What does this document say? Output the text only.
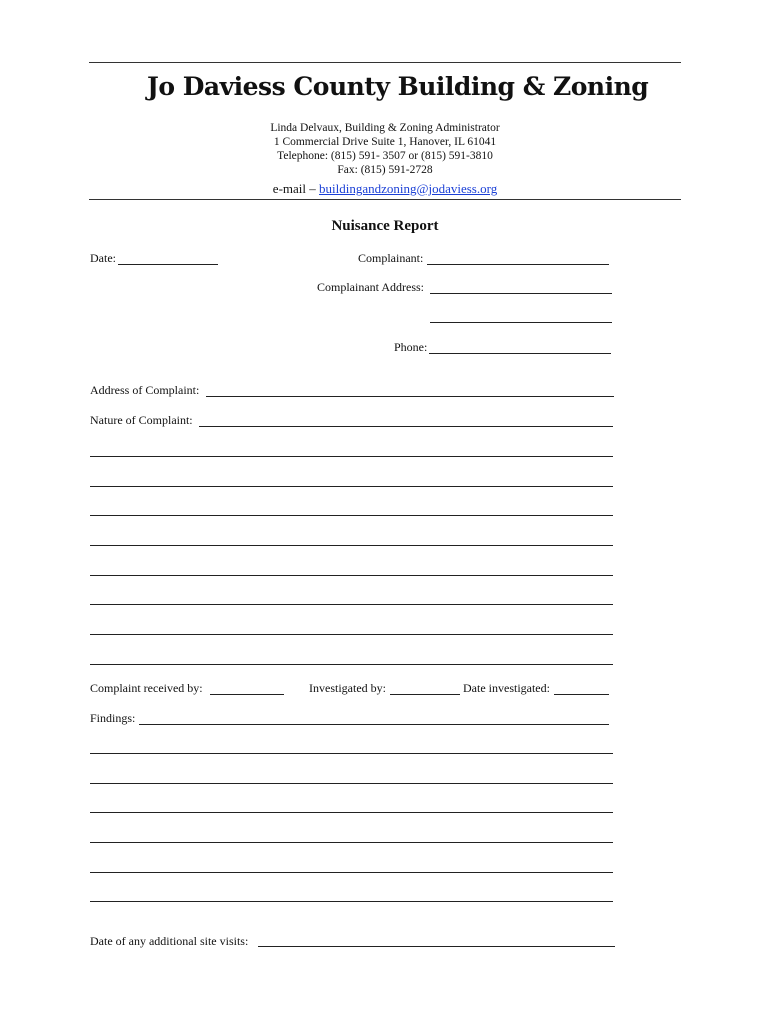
Jo Daviess County Building & Zoning
Linda Delvaux, Building & Zoning Administrator
1 Commercial Drive Suite 1, Hanover, IL 61041
Telephone: (815) 591- 3507 or (815) 591-3810
Fax: (815) 591-2728
e-mail – buildingandzoning@jodaviess.org
Nuisance Report
Date:	Complainant:
Complainant Address:
Phone:
Address of Complaint:
Nature of Complaint:
Complaint received by:	Investigated by:	Date investigated:
Findings:
Date of any additional site visits:
